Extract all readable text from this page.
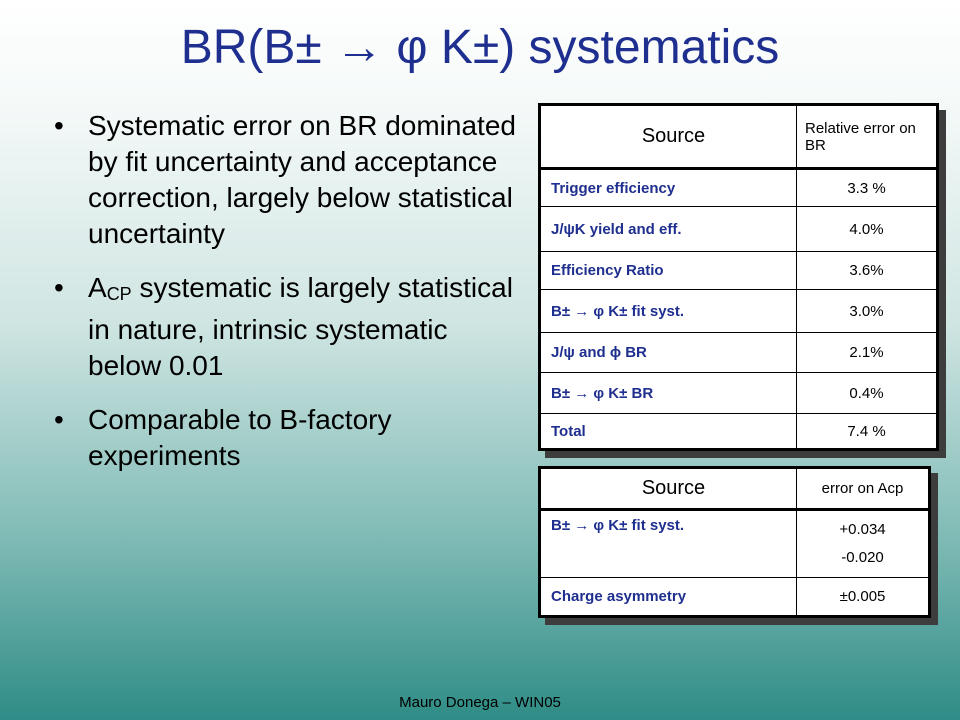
BR(B± → φ K±) systematics
• Systematic error on BR dominated by fit uncertainty and acceptance correction, largely below statistical uncertainty
• $A_{CP}$ systematic is largely statistical in nature, intrinsic systematic below 0.01
• Comparable to B-factory experiments
Source	Relative error on BR
Trigger efficiency	3.3 %
J/ψK yield and eff.	4.0%
Efficiency Ratio	3.6%
B± → φ K± fit syst.	3.0%
J/ψ and ϕ BR	2.1%
B± → φ K± BR	0.4%
Total	7.4 %
Source	error on Acp
B± → φ K± fit syst.	+0.034
-0.020

Charge asymmetry	±0.005
Mauro Donega – WIN05
